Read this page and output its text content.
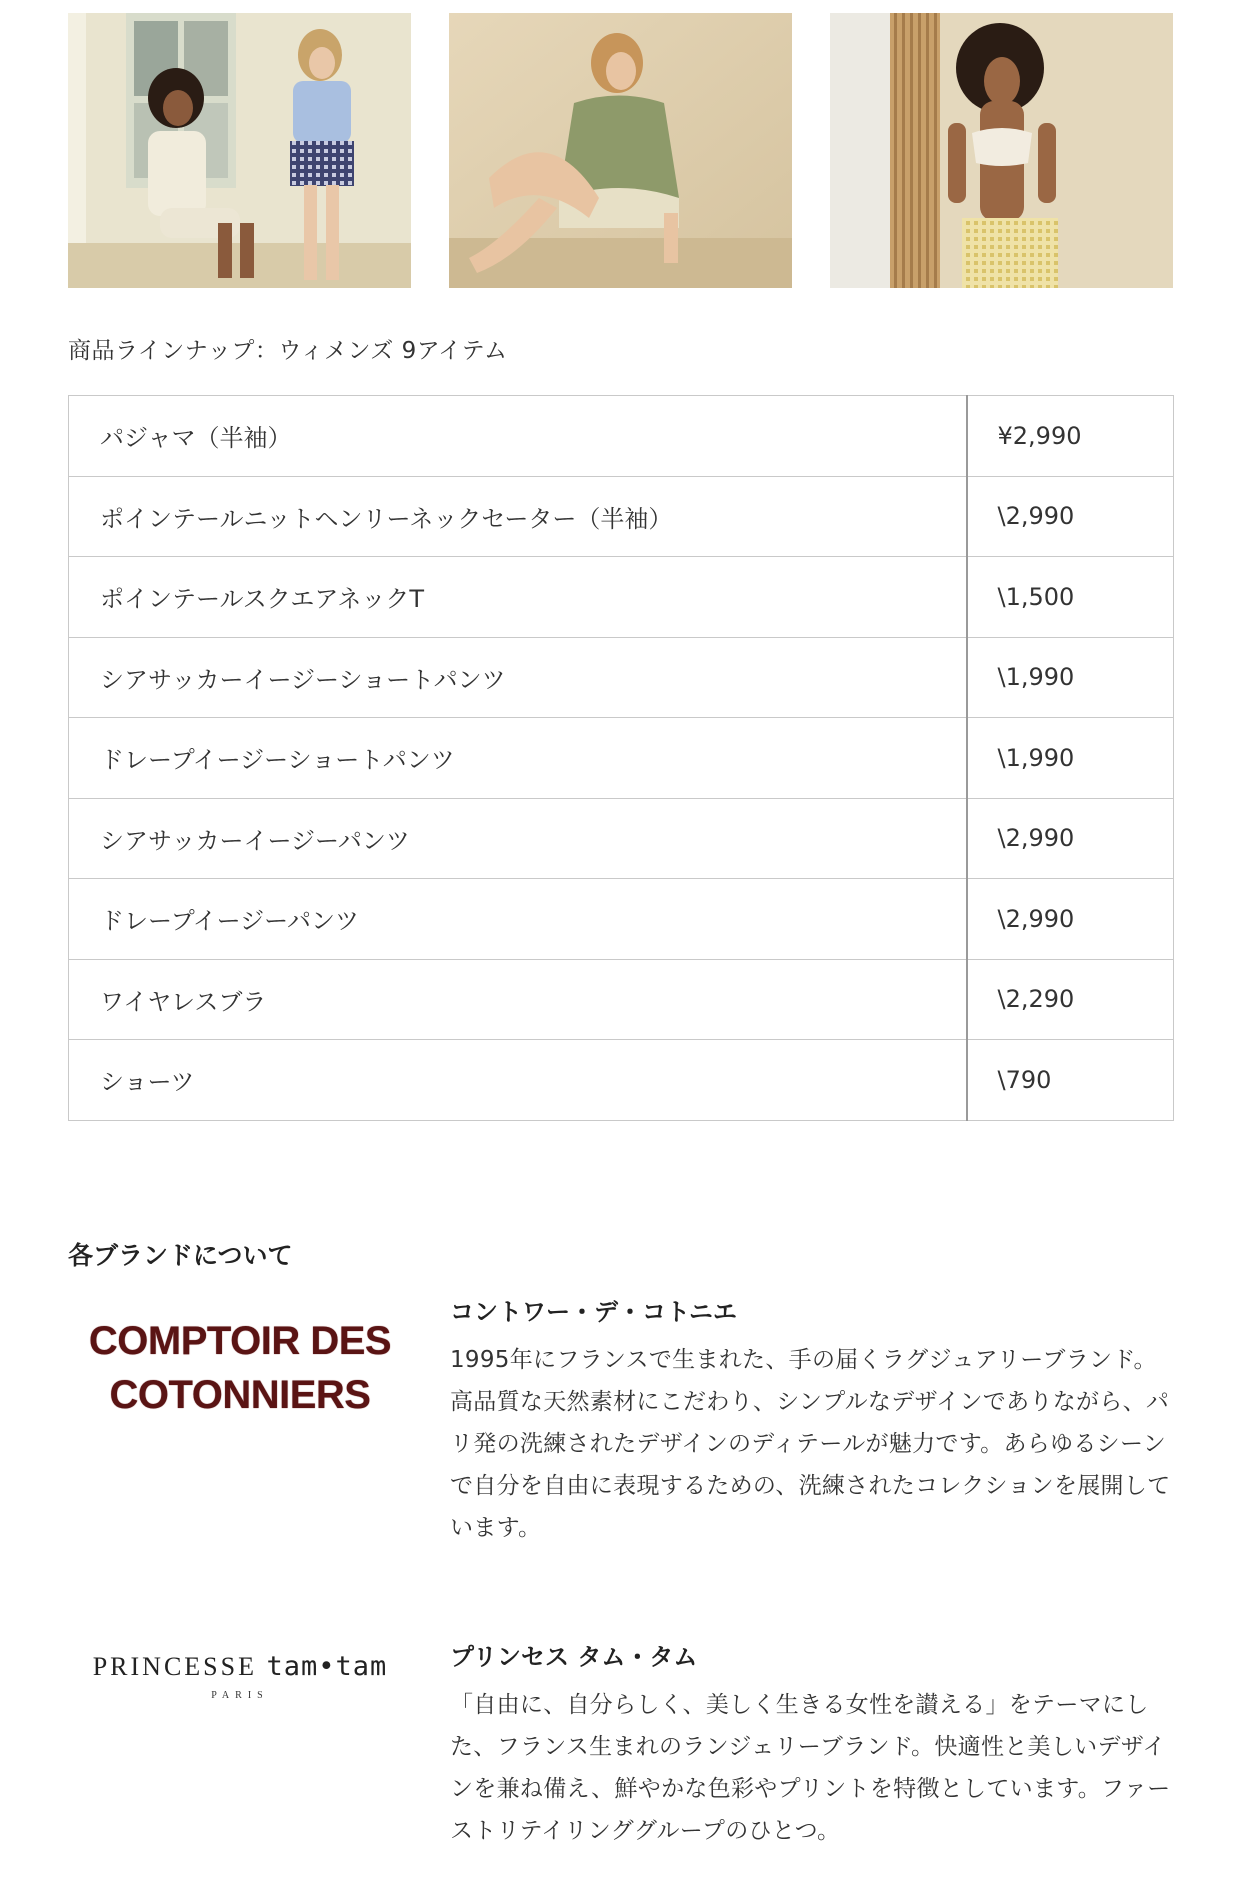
商品ラインナップ：ウィメンズ 9アイテム
パジャマ（半袖）	¥2,990
ポインテールニットヘンリーネックセーター（半袖）	\2,990
ポインテールスクエアネックT	\1,500
シアサッカーイージーショートパンツ	\1,990
ドレープイージーショートパンツ	\1,990
シアサッカーイージーパンツ	\2,990
ドレープイージーパンツ	\2,990
ワイヤレスブラ	\2,290
ショーツ	\790
各ブランドについて
COMPTOIR DES
COTONNIERS
コントワー・デ・コトニエ
1995年にフランスで生まれた、手の届くラグジュアリーブランド。高品質な天然素材にこだわり、シンプルなデザインでありながら、パリ発の洗練されたデザインのディテールが魅力です。あらゆるシーンで自分を自由に表現するための、洗練されたコレクションを展開しています。
PRINCESSE tam•tam
PARIS
プリンセス タム・タム
「自由に、自分らしく、美しく生きる女性を讃える」をテーマにした、フランス生まれのランジェリーブランド。快適性と美しいデザインを兼ね備え、鮮やかな色彩やプリントを特徴としています。ファーストリテイリンググループのひとつ。
